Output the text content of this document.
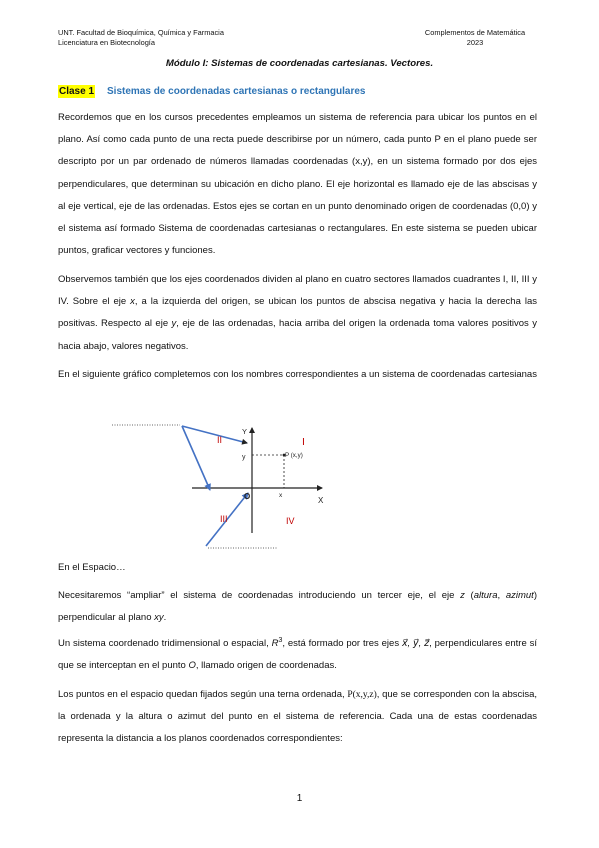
UNT. Facultad de Bioquímica, Química y Farmacia
Licenciatura en Biotecnología
Complementos de Matemática
2023
Módulo I: Sistemas de coordenadas cartesianas. Vectores.
Clase 1 Sistemas de coordenadas cartesianas o rectangulares

Recordemos que en los cursos precedentes empleamos un sistema de referencia para ubicar los puntos en el plano. Así como cada punto de una recta puede describirse por un número, cada punto P en el plano puede ser descripto por un par ordenado de números llamadas coordenadas (x,y), en un sistema formado por dos ejes perpendiculares, que determinan su ubicación en dicho plano. El eje horizontal es llamado eje de las abscisas y al eje vertical, eje de las ordenadas. Estos ejes se cortan en un punto denominado origen de coordenadas (0,0) y el sistema así formado Sistema de coordenadas cartesianas o rectangulares. En este sistema se pueden ubicar puntos, graficar vectores y funciones.

Observemos también que los ejes coordenados dividen al plano en cuatro sectores llamados cuadrantes I, II, III y IV. Sobre el eje x, a la izquierda del origen, se ubican los puntos de abscisa negativa y hacia la derecha las positivas. Respecto al eje y, eje de las ordenadas, hacia arriba del origen la ordenada toma valores positivos y hacia abajo, valores negativos.

En el siguiente gráfico completemos con los nombres correspondientes a un sistema de coordenadas cartesianas

Y
y	P (x,y)
X
x
O
I
II
III	IV

En el Espacio…

Necesitaremos “ampliar” el sistema de coordenadas introduciendo un tercer eje, el eje z (altura, azimut) perpendicular al plano xy.

Un sistema coordenado tridimensional o espacial, $R^3$, está formado por tres ejes x⃗, y⃗, z⃗, perpendiculares entre sí que se interceptan en el punto O, llamado origen de coordenadas.

Los puntos en el espacio quedan fijados según una terna ordenada, P(x,y,z), que se corresponden con la abscisa, la ordenada y la altura o azimut del punto en el sistema de referencia. Cada una de estas coordenadas representa la distancia a los planos coordenados correspondientes:

1
